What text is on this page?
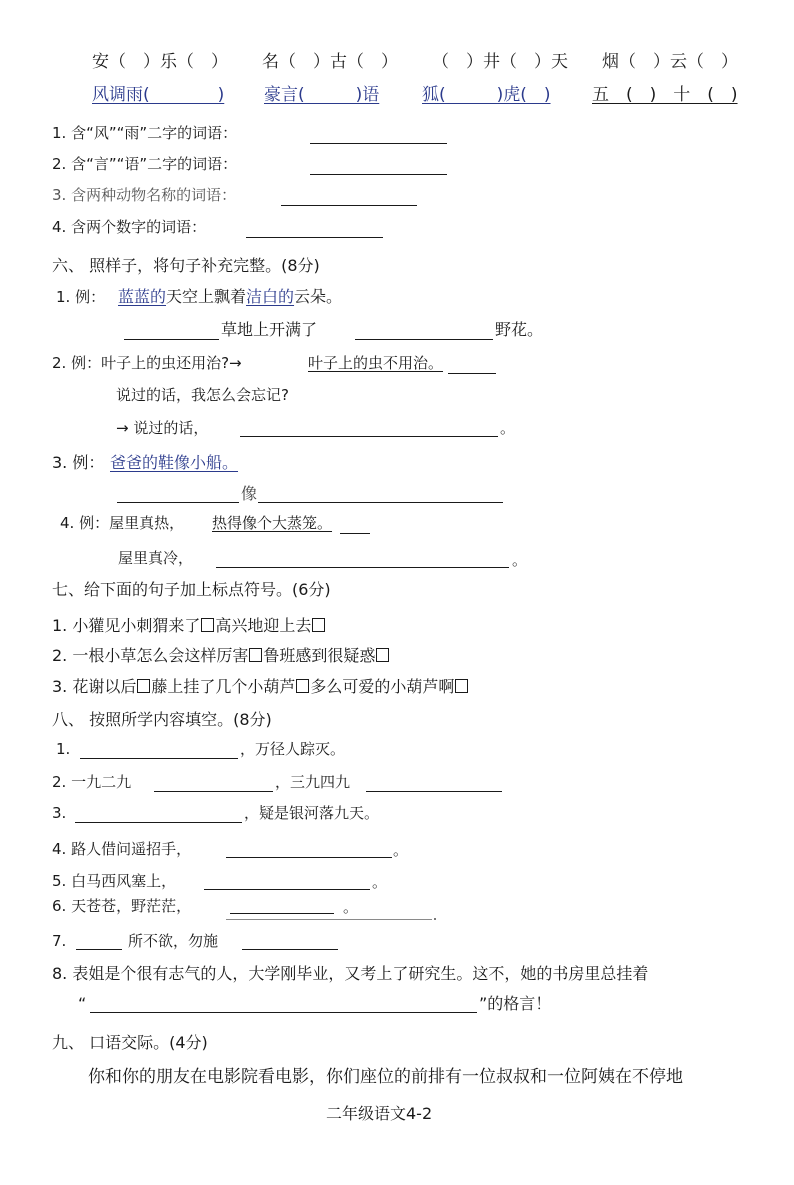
安（　）乐（　） 名（　）古（　） （　）井（　）天 烟（　）云（　）
风调雨(　　　　) 豪言(　　　)语	狐(　　　)虎(　) 五　(　)　十　(　)
1. 含“风”“雨”二字的词语：
2. 含“言”“语”二字的词语：
3. 含两种动物名称的词语：
4. 含两个数字的词语：
六、 照样子，将句子补充完整。(8分)
1. 例： 蓝蓝的天空上飘着洁白的云朵。
草地上开满了	野花。
2. 例：叶子上的虫还用治?→	叶子上的虫不用治。
说过的话，我怎么会忘记?
→ 说过的话，	。
3. 例： 爸爸的鞋像小船。
像
4. 例：屋里真热， 热得像个大蒸笼。
屋里真冷，	。
七、给下面的句子加上标点符号。(6分)
1. 小獾见小刺猬来了 高兴地迎上去
2. 一根小草怎么会这样厉害 鲁班感到很疑惑
3. 花谢以后 藤上挂了几个小葫芦 多么可爱的小葫芦啊
八、 按照所学内容填空。(8分)
1.	，万径人踪灭。
2. 一九二九	，三九四九
3.	，疑是银河落九天。
4. 路人借问遥招手，	。
5. 白马西风塞上，	。
6. 天苍苍，野茫茫，	。
7.	所不欲，勿施
8. 表姐是个很有志气的人，大学刚毕业，又考上了研究生。这不，她的书房里总挂着
“	”的格言！
九、 口语交际。(4分)
你和你的朋友在电影院看电影，你们座位的前排有一位叔叔和一位阿姨在不停地
二年级语文4-2
